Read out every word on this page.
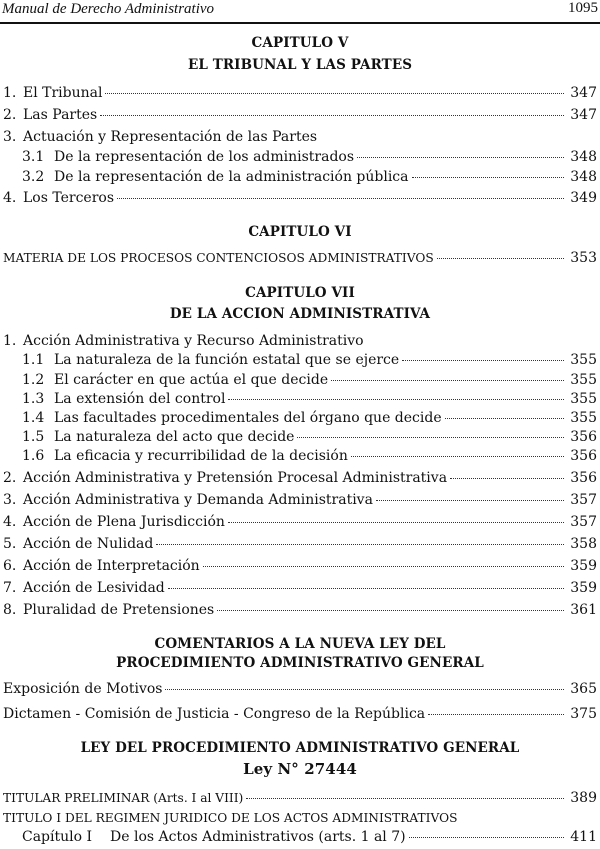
Manual de Derecho Administrativo	1095
CAPITULO V
EL TRIBUNAL Y LAS PARTES
1. El Tribunal	347
2. Las Partes	347
3. Actuación y Representación de las Partes
3.1 De la representación de los administrados	348
3.2 De la representación de la administración pública	348
4. Los Terceros	349
CAPITULO VI
MATERIA DE LOS PROCESOS CONTENCIOSOS ADMINISTRATIVOS	353
CAPITULO VII
DE LA ACCION ADMINISTRATIVA
1. Acción Administrativa y Recurso Administrativo
1.1 La naturaleza de la función estatal que se ejerce	355
1.2 El carácter en que actúa el que decide	355
1.3 La extensión del control	355
1.4 Las facultades procedimentales del órgano que decide	355
1.5 La naturaleza del acto que decide	356
1.6 La eficacia y recurribilidad de la decisión	356
2. Acción Administrativa y Pretensión Procesal Administrativa	356
3. Acción Administrativa y Demanda Administrativa	357
4. Acción de Plena Jurisdicción	357
5. Acción de Nulidad	358
6. Acción de Interpretación	359
7. Acción de Lesividad	359
8. Pluralidad de Pretensiones	361
COMENTARIOS A LA NUEVA LEY DEL
PROCEDIMIENTO ADMINISTRATIVO GENERAL
Exposición de Motivos	365
Dictamen - Comisión de Justicia - Congreso de la República	375
LEY DEL PROCEDIMIENTO ADMINISTRATIVO GENERAL
Ley N° 27444
TITULAR PRELIMINAR (Arts. I al VIII)	389
TITULO I DEL REGIMEN JURIDICO DE LOS ACTOS ADMINISTRATIVOS
Capítulo I	De los Actos Administrativos (arts. 1 al 7)	411
